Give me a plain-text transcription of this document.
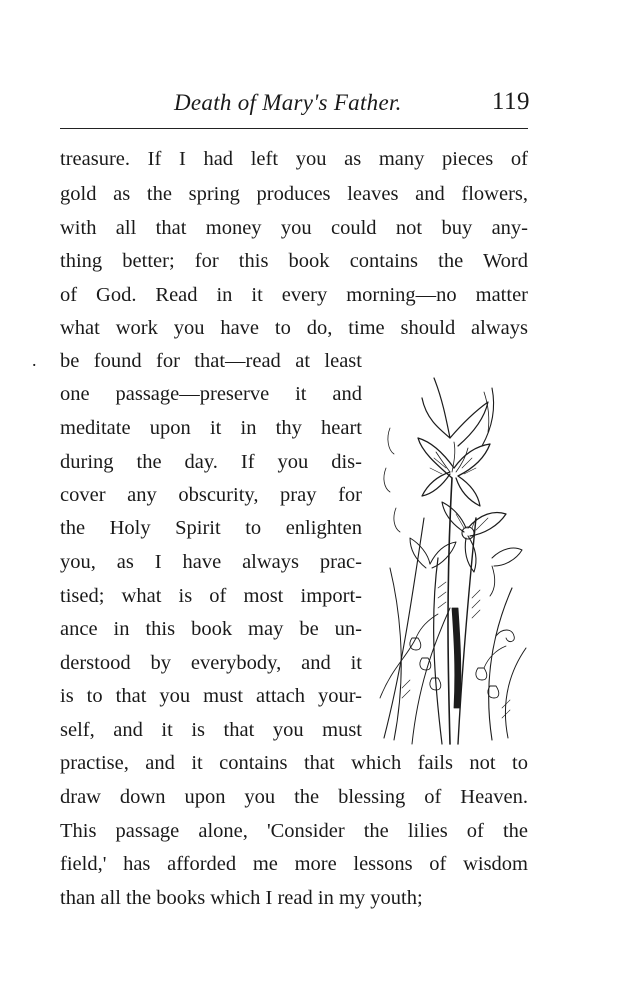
Death of Mary's Father.	119
.
treasure. If I had left you as many pieces of
gold as the spring produces leaves and flowers,
with all that money you could not buy any-
thing better; for this book contains the Word
of God. Read in it every morning—no matter
what work you have to do, time should always
be found for that—read at least
one passage—preserve it and
meditate upon it in thy heart
during the day. If you dis-
cover any obscurity, pray for
the Holy Spirit to enlighten
you, as I have always prac-
tised; what is of most import-
ance in this book may be un-
derstood by everybody, and it
is to that you must attach your-
self, and it is that you must
practise, and it contains that which fails not to
draw down upon you the blessing of Heaven.
This passage alone, 'Consider the lilies of the
field,' has afforded me more lessons of wisdom
than all the books which I read in my youth;
